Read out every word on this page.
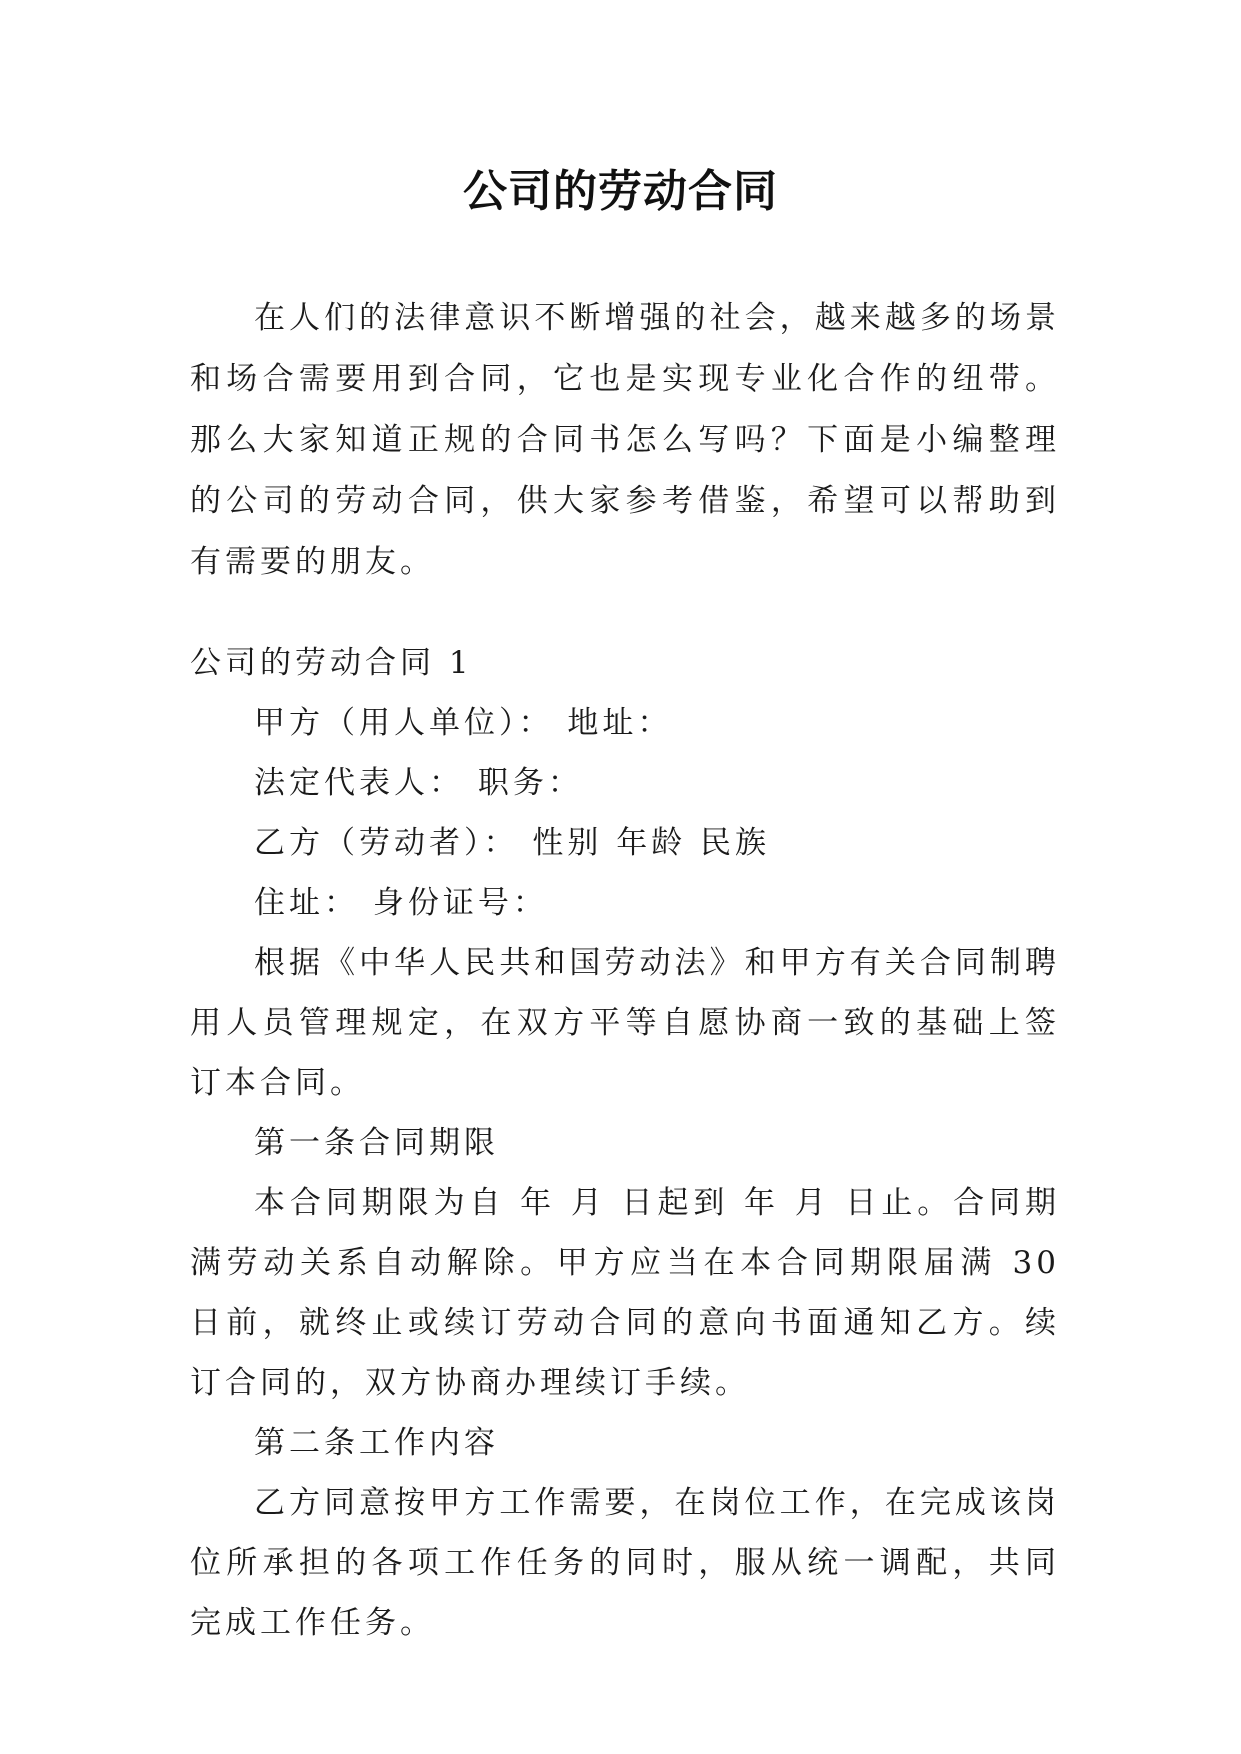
公司的劳动合同

在人们的法律意识不断增强的社会，越来越多的场景和场合需要用到合同，它也是实现专业化合作的纽带。那么大家知道正规的合同书怎么写吗？下面是小编整理的公司的劳动合同，供大家参考借鉴，希望可以帮助到有需要的朋友。

公司的劳动合同 1

甲方（用人单位）： 地址：

法定代表人： 职务：

乙方（劳动者）： 性别 年龄 民族

住址： 身份证号：

根据《中华人民共和国劳动法》和甲方有关合同制聘用人员管理规定，在双方平等自愿协商一致的基础上签订本合同。

第一条合同期限

本合同期限为自 年 月 日起到 年 月 日止。合同期满劳动关系自动解除。甲方应当在本合同期限届满 30 日前，就终止或续订劳动合同的意向书面通知乙方。续订合同的，双方协商办理续订手续。

第二条工作内容

乙方同意按甲方工作需要，在岗位工作，在完成该岗位所承担的各项工作任务的同时，服从统一调配，共同完成工作任务。
